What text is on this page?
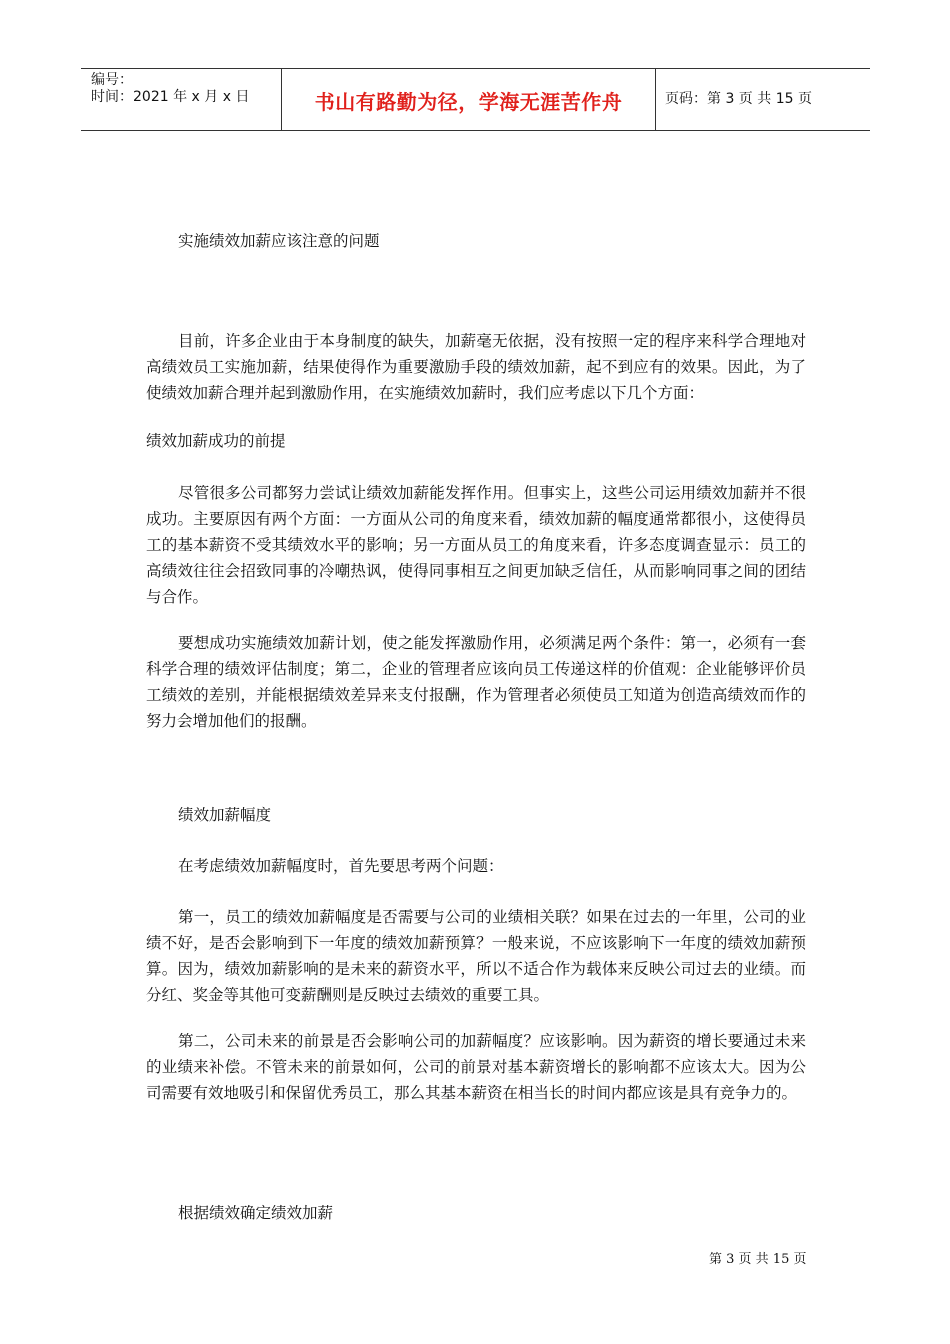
编号：
时间：2021 年 x 月 x 日	书山有路勤为径，学海无涯苦作舟	页码：第 3 页 共 15 页
实施绩效加薪应该注意的问题

目前，许多企业由于本身制度的缺失，加薪毫无依据，没有按照一定的程序来科学合理地对高绩效员工实施加薪，结果使得作为重要激励手段的绩效加薪，起不到应有的效果。因此，为了使绩效加薪合理并起到激励作用，在实施绩效加薪时，我们应考虑以下几个方面：

绩效加薪成功的前提

尽管很多公司都努力尝试让绩效加薪能发挥作用。但事实上，这些公司运用绩效加薪并不很成功。主要原因有两个方面：一方面从公司的角度来看，绩效加薪的幅度通常都很小，这使得员工的基本薪资不受其绩效水平的影响；另一方面从员工的角度来看，许多态度调查显示：员工的高绩效往往会招致同事的冷嘲热讽，使得同事相互之间更加缺乏信任，从而影响同事之间的团结与合作。

要想成功实施绩效加薪计划，使之能发挥激励作用，必须满足两个条件：第一，必须有一套科学合理的绩效评估制度；第二，企业的管理者应该向员工传递这样的价值观：企业能够评价员工绩效的差别，并能根据绩效差异来支付报酬，作为管理者必须使员工知道为创造高绩效而作的努力会增加他们的报酬。

绩效加薪幅度
在考虑绩效加薪幅度时，首先要思考两个问题：

第一，员工的绩效加薪幅度是否需要与公司的业绩相关联？如果在过去的一年里，公司的业绩不好，是否会影响到下一年度的绩效加薪预算？一般来说，不应该影响下一年度的绩效加薪预算。因为，绩效加薪影响的是未来的薪资水平，所以不适合作为载体来反映公司过去的业绩。而分红、奖金等其他可变薪酬则是反映过去绩效的重要工具。

第二，公司未来的前景是否会影响公司的加薪幅度？应该影响。因为薪资的增长要通过未来的业绩来补偿。不管未来的前景如何，公司的前景对基本薪资增长的影响都不应该太大。因为公司需要有效地吸引和保留优秀员工，那么其基本薪资在相当长的时间内都应该是具有竞争力的。

根据绩效确定绩效加薪
第 3 页 共 15 页
